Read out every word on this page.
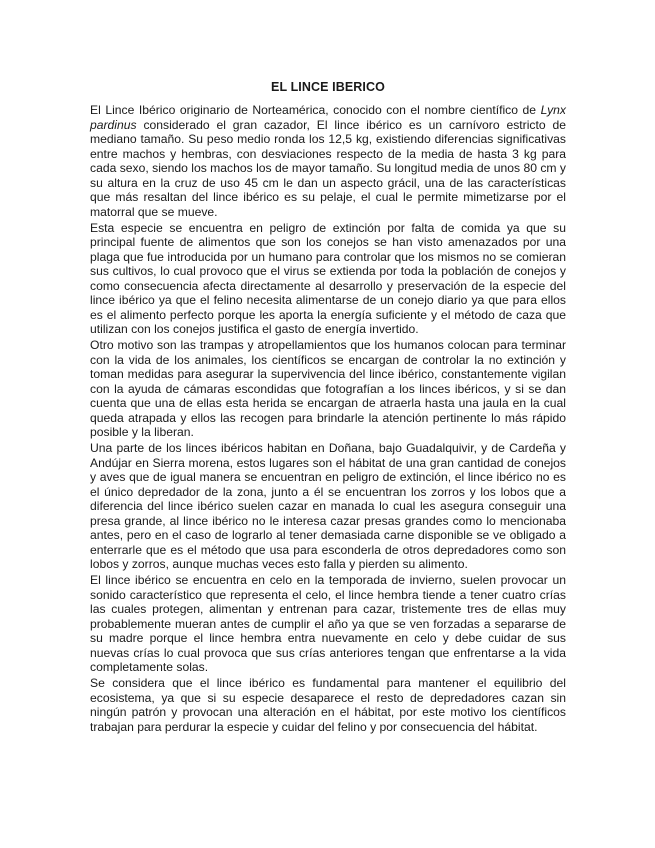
EL LINCE IBERICO
El Lince Ibérico originario de Norteamérica, conocido con el nombre científico de Lynx pardinus considerado el gran cazador, El lince ibérico es un carnívoro estricto de mediano tamaño. Su peso medio ronda los 12,5 kg, existiendo diferencias significativas entre machos y hembras, con desviaciones respecto de la media de hasta 3 kg para cada sexo, siendo los machos los de mayor tamaño. Su longitud media de unos 80 cm y su altura en la cruz de uso 45 cm le dan un aspecto grácil, una de las características que más resaltan del lince ibérico es su pelaje, el cual le permite mimetizarse por el matorral que se mueve.
Esta especie se encuentra en peligro de extinción por falta de comida ya que su principal fuente de alimentos que son los conejos se han visto amenazados por una plaga que fue introducida por un humano para controlar que los mismos no se comieran sus cultivos, lo cual provoco que el virus se extienda por toda la población de conejos y como consecuencia afecta directamente al desarrollo y preservación de la especie del lince ibérico ya que el felino necesita alimentarse de un conejo diario ya que para ellos es el alimento perfecto porque les aporta la energía suficiente y el método de caza que utilizan con los conejos justifica el gasto de energía invertido.
Otro motivo son las trampas y atropellamientos que los humanos colocan para terminar con la vida de los animales, los científicos se encargan de controlar la no extinción y toman medidas para asegurar la supervivencia del lince ibérico, constantemente vigilan con la ayuda de cámaras escondidas que fotografían a los linces ibéricos, y si se dan cuenta que una de ellas esta herida se encargan de atraerla hasta una jaula en la cual queda atrapada y ellos las recogen para brindarle la atención pertinente lo más rápido posible y la liberan.
Una parte de los linces ibéricos habitan en Doñana, bajo Guadalquivir, y de Cardeña y Andújar en Sierra morena, estos lugares son el hábitat de una gran cantidad de conejos y aves que de igual manera se encuentran en peligro de extinción, el lince ibérico no es el único depredador de la zona, junto a él se encuentran los zorros y los lobos que a diferencia del lince ibérico suelen cazar en manada lo cual les asegura conseguir una presa grande, al lince ibérico no le interesa cazar presas grandes como lo mencionaba antes, pero en el caso de lograrlo al tener demasiada carne disponible se ve obligado a enterrarle que es el método que usa para esconderla de otros depredadores como son lobos y zorros, aunque muchas veces esto falla y pierden su alimento.
El lince ibérico se encuentra en celo en la temporada de invierno, suelen provocar un sonido característico que representa el celo, el lince hembra tiende a tener cuatro crías las cuales protegen, alimentan y entrenan para cazar, tristemente tres de ellas muy probablemente mueran antes de cumplir el año ya que se ven forzadas a separarse de su madre porque el lince hembra entra nuevamente en celo y debe cuidar de sus nuevas crías lo cual provoca que sus crías anteriores tengan que enfrentarse a la vida completamente solas.
Se considera que el lince ibérico es fundamental para mantener el equilibrio del ecosistema, ya que si su especie desaparece el resto de depredadores cazan sin ningún patrón y provocan una alteración en el hábitat, por este motivo los científicos trabajan para perdurar la especie y cuidar del felino y por consecuencia del hábitat.
